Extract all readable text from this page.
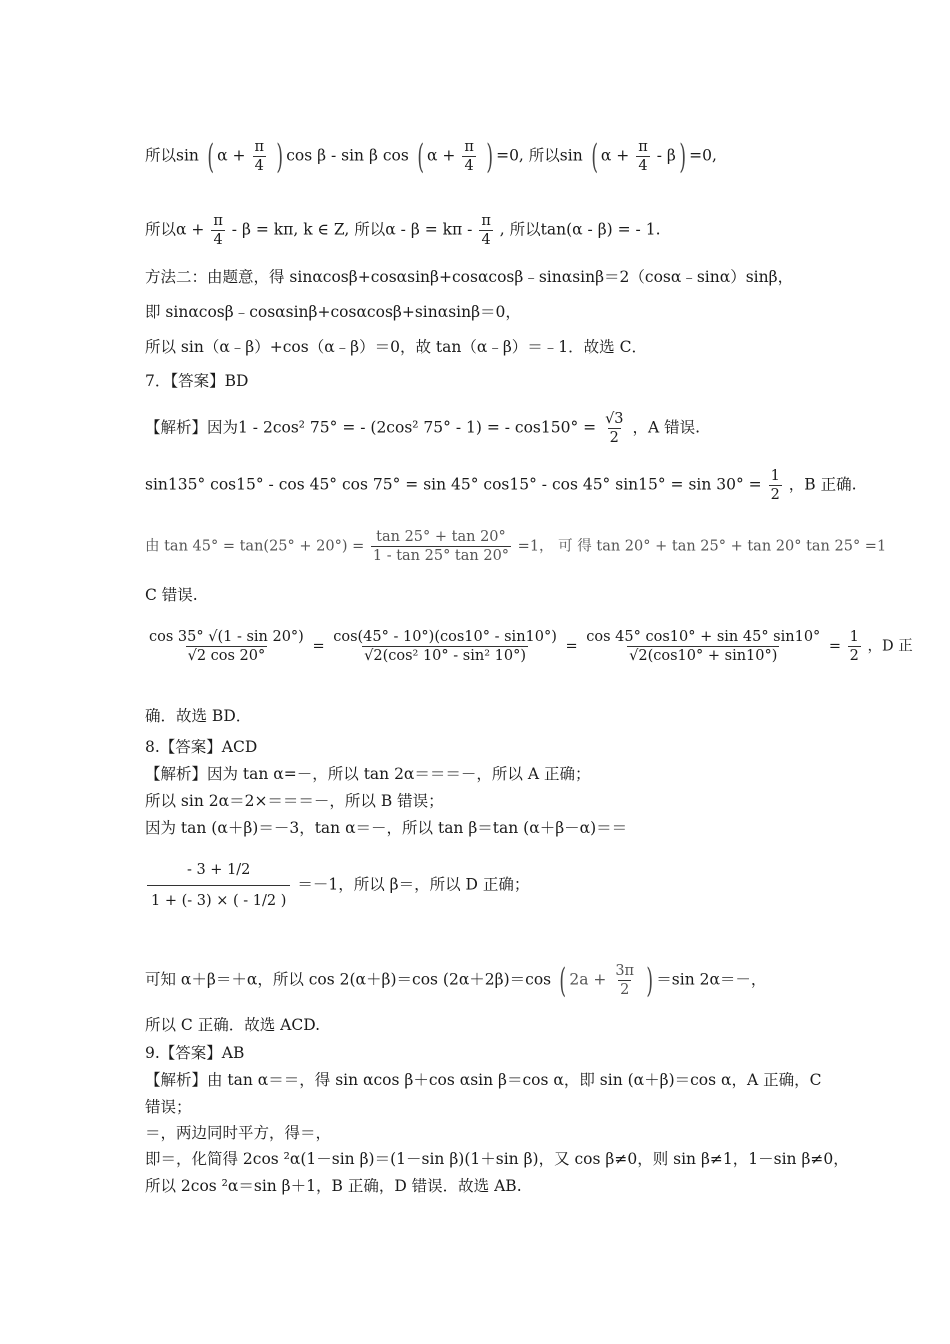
所以sin ( $\alpha + \frac{\pi}{4}$ ) cos β - sin β cos ( $\alpha + \frac{\pi}{4}$ ) =0, 所以sin ( $\alpha + \frac{\pi}{4} - \beta) =0$,
所以$\alpha + \frac{\pi}{4} - \beta = k\pi$, k ∈ Z, 所以$\alpha - \beta = k\pi - \frac{\pi}{4}$ , 所以tan(α - β) = - 1.
方法二：由题意，得 sinαcosβ+cosαsinβ+cosαcosβ﹣sinαsinβ＝2（cosα﹣sinα）sinβ，
即 sinαcosβ﹣cosαsinβ+cosαcosβ+sinαsinβ＝0，
所以 sin（α﹣β）+cos（α﹣β）＝0，故 tan（α﹣β）＝﹣1．故选 C．
7．【答案】BD
【解析】因为1 - 2cos² 75° = - (2cos² 75° - 1) = - $\cos 150^\circ = \frac{√3}{2}$ ，A 错误.
sin135° cos15° - cos 45° cos 75° = sin 45° cos15° - cos 45° $\sin 15^\circ = \sin 30^\circ = \frac{1}{2}$ ，B 正确.
由 $\tan 45^\circ = \tan(25^\circ + 20^\circ) = \frac{\tan 25^\circ + \tan 20^\circ}{1 - \tan 25^\circ \tan 20^\circ} =1$， 可 得 tan 20° + tan 25° + tan 20° tan 25° =1
C 错误.
$\frac{\cos 35^\circ √(1 - \sin 20^\circ)}{√2 \cos 20^\circ} = \frac{\cos(45^\circ - 10^\circ)(\cos 10^\circ - \sin 10^\circ)}{\text{√2(cos² 10° - sin² 10°)}} = \frac{\cos 45^\circ \cos 10^\circ + \sin 45^\circ \sin 10^\circ}{√2(\cos 10^\circ + \sin 10^\circ)} = \frac{1}{2}$ ，D 正
确．故选 BD．
8.【答案】ACD
【解析】因为 tan α=－，所以 tan 2α＝＝＝－，所以 A 正确；
所以 sin 2α＝2×＝＝＝－，所以 B 错误；
因为 tan (α＋β)＝－3，tan α＝－，所以 tan β＝tan (α＋β－α)＝＝
$\frac{- 3 + 1/2}{1 + (- 3) \times ( - 1/2 )} =-1$，所以 β＝，所以 D 正确；
可知 α＋β＝＋α，所以 cos 2(α＋β)＝cos (2α＋2β)＝cos ( $2a + \frac{3\pi}{2}$ ) ＝sin 2α＝－，
所以 C 正确．故选 ACD.
9.【答案】AB
【解析】由 tan α＝＝，得 sin αcos β＋cos αsin β＝cos α，即 sin (α＋β)＝cos α，A 正确，C
错误；
＝，两边同时平方，得＝，
即＝，化简得 2cos ²α(1－sin β)＝(1－sin β)(1＋sin β)，又 cos β≠0，则 sin β≠1，1－sin β≠0，
所以 2cos ²α＝sin β＋1，B 正确，D 错误．故选 AB.
